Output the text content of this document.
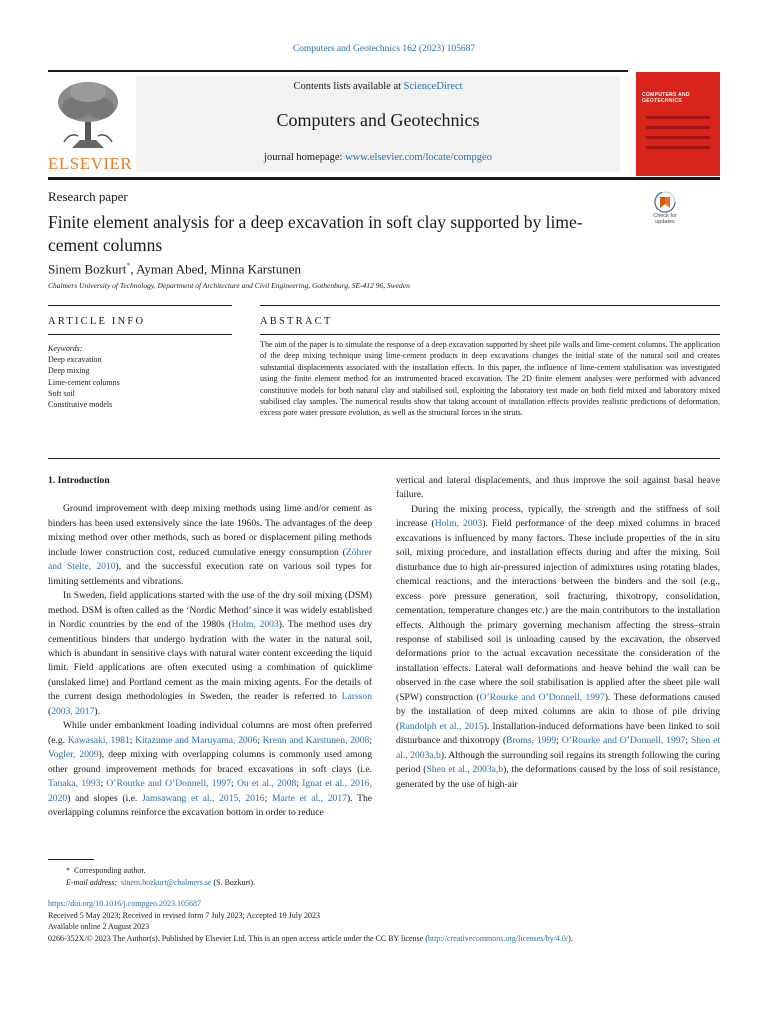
Computers and Geotechnics 162 (2023) 105687
ELSEVIER
Contents lists available at ScienceDirect
Computers and Geotechnics
journal homepage: www.elsevier.com/locate/compgeo
COMPUTERS AND GEOTECHNICS
Research paper
Finite element analysis for a deep excavation in soft clay supported by lime-cement columns
Check for updates
Sinem Bozkurt*, Ayman Abed, Minna Karstunen
Chalmers University of Technology, Department of Architecture and Civil Engineering, Gothenburg, SE-412 96, Sweden
ARTICLE INFO	ABSTRACT
Keywords:
Deep excavation
Deep mixing
Lime-cement columns
Soft soil
Constitutive models
The aim of the paper is to simulate the response of a deep excavation supported by sheet pile walls and lime-cement columns. The application of the deep mixing technique using lime-cement products in deep excavations changes the initial state of the natural soil and creates substantial displacements associated with the installation effects. In this paper, the influence of lime-cement stabilisation was investigated using the finite element method for an instrumented braced excavation. The 2D finite element analyses were performed with advanced constitutive models for both natural clay and stabilised soil, exploiting the laboratory test made on both field mixed and laboratory mixed stabilised clay samples. The numerical results show that taking account of installation effects provides realistic predictions of deformation, excess pore water pressure evolution, as well as the structural forces in the struts.
1. Introduction

Ground improvement with deep mixing methods using lime and/or cement as binders has been used extensively since the late 1960s. The advantages of the deep mixing method over other methods, such as bored or displacement piling methods include lower construction cost, reduced cumulative energy consumption (Zöhrer and Stelte, 2010), and the successful execution rate on various soil types for limiting settlements and vibrations.

In Sweden, field applications started with the use of the dry soil mixing (DSM) method. DSM is often called as the ‘Nordic Method’ since it was widely established in Nordic countries by the end of the 1980s (Holm, 2003). The method uses dry cementitious binders that undergo hydration with the water in the natural soil, which is abundant in sensitive clays with natural water content exceeding the liquid limit. Field applications are often executed using a combination of quicklime (unslaked lime) and Portland cement as the main mixing agents. For the details of the current design methodologies in Sweden, the reader is referred to Larsson (2003, 2017).

While under embankment loading individual columns are most often preferred (e.g. Kawasaki, 1981; Kitazume and Maruyama, 2006; Krenn and Karstunen, 2008; Vogler, 2009), deep mixing with overlapping columns is commonly used among other ground improvement methods for braced excavations in soft clays (i.e. Tanaka, 1993; O’Rourke and O’Donnell, 1997; Ou et al., 2008; Ignat et al., 2016, 2020) and slopes (i.e. Jamsawang et al., 2015, 2016; Marte et al., 2017). The overlapping columns reinforce the excavation bottom in order to reduce

vertical and lateral displacements, and thus improve the soil against basal heave failure.

During the mixing process, typically, the strength and the stiffness of soil increase (Holm, 2003). Field performance of the deep mixed columns in braced excavations is influenced by many factors. These include properties of the in situ soil, mixing procedure, and installation effects during and after the mixing. Soil disturbance due to high air-pressured injection of admixtures using rotating blades, chemical reactions, and the interactions between the binders and the soil (e.g., excess pore pressure generation, soil fracturing, thixotropy, consolidation, cementation, temperature changes etc.) are the main contributors to the installation effects. Although the primary governing mechanism affecting the stress–strain response of stabilised soil is unloading caused by the excavation, the observed deformations prior to the actual excavation necessitate the consideration of the installation effects. Lateral wall deformations and heave behind the wall can be observed in the case where the soil stabilisation is applied after the sheet pile wall (SPW) construction (O’Rourke and O’Donnell, 1997). These deformations caused by the installation of deep mixed columns are akin to those of pile driving (Randolph et al., 2015). Installation-induced deformations have been linked to soil disturbance and thixotropy (Broms, 1999; O’Rourke and O’Donnell, 1997; Shen et al., 2003a,b). Although the surrounding soil regains its strength following the curing period (Shen et al., 2003a,b), the deformations caused by the loss of soil resistance, generated by the use of high-air

* Corresponding author.
E-mail address: sinem.bozkurt@chalmers.se (S. Bozkurt).
https://doi.org/10.1016/j.compgeo.2023.105687
Received 5 May 2023; Received in revised form 7 July 2023; Accepted 19 July 2023
Available online 2 August 2023
0266-352X/© 2023 The Author(s). Published by Elsevier Ltd. This is an open access article under the CC BY license (http://creativecommons.org/licenses/by/4.0/).
